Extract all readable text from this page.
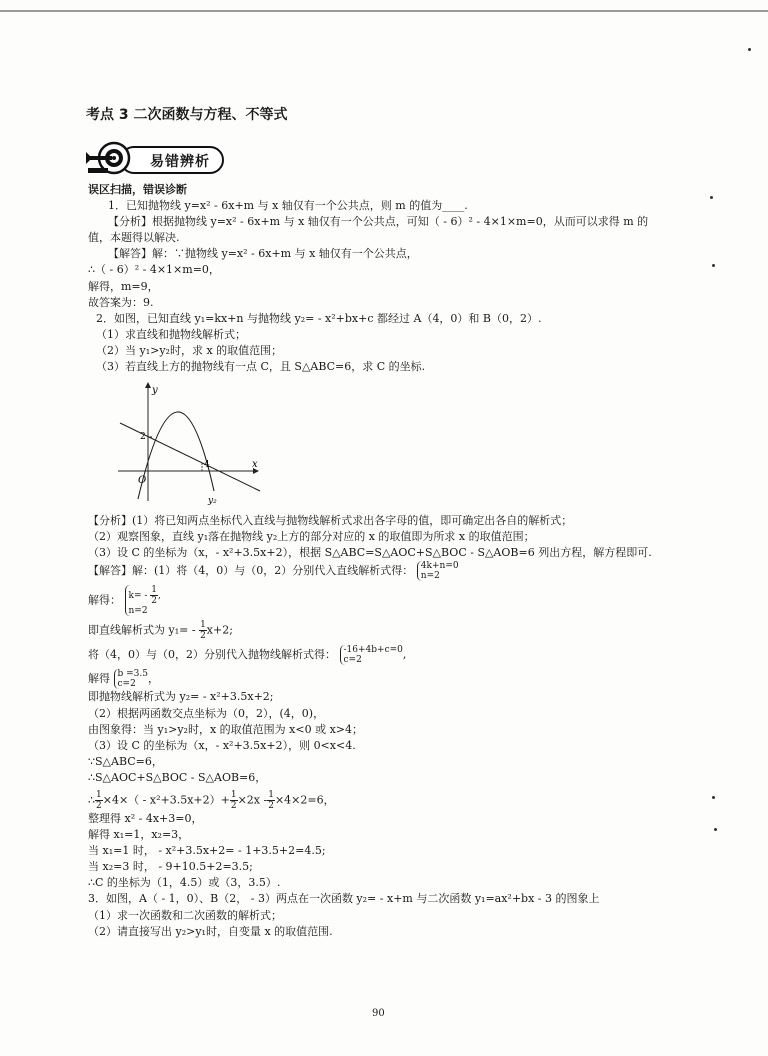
考点 3 二次函数与方程、不等式
易错辨析
误区扫描，错误诊断
1．已知抛物线 y=x² - 6x+m 与 x 轴仅有一个公共点，则 m 的值为____.
【分析】根据抛物线 y=x² - 6x+m 与 x 轴仅有一个公共点，可知（ - 6）² - 4×1×m=0，从而可以求得 m 的
值，本题得以解决.
【解答】解：∵抛物线 y=x² - 6x+m 与 x 轴仅有一个公共点，
∴（ - 6）² - 4×1×m=0，
解得，m=9，
故答案为：9.
2．如图，已知直线 y₁=kx+n 与抛物线 y₂= - x²+bx+c 都经过 A（4，0）和 B（0，2）.
（1）求直线和抛物线解析式；
（2）当 y₁>y₂时，求 x 的取值范围；
（3）若直线上方的抛物线有一点 C，且 S△ABC=6，求 C 的坐标.
y
x
O
2
4
y₂
【分析】(1）将已知两点坐标代入直线与抛物线解析式求出各字母的值，即可确定出各自的解析式；
（2）观察图象，直线 y₁落在抛物线 y₂上方的部分对应的 x 的取值即为所求 x 的取值范围；
（3）设 C 的坐标为（x，- x²+3.5x+2），根据 S△ABC=S△AOC+S△BOC - S△AOB=6 列出方程，解方程即可.
【解答】解：(1）将（4，0）与（0，2）分别代入直线解析式得： 4k+n=0
n=2
解得： $k= - \frac{1}{2}$ ,
n=2
即直线解析式为 $y_1= - \frac{1}{2} x+2$;
将（4，0）与（0，2）分别代入抛物线解析式得： -16+4b+c=0
c=2	,
解得 b =3.5
c=2	，
即抛物线解析式为 y₂= - x²+3.5x+2;
（2）根据两函数交点坐标为（0，2），(4，0)，
由图象得：当 y₁>y₂时，x 的取值范围为 x<0 或 x>4；
（3）设 C 的坐标为（x，- x²+3.5x+2），则 0<x<4.
∵S△ABC=6，
∴S△AOC+S△BOC - S△AOB=6，
∴ $\frac{1}{2} \times 4\times( - x^2+3.5x+2)+ \frac{1}{2} \times 2x - \frac{1}{2} \times 4\times 2=6$，
整理得 x² - 4x+3=0，
解得 x₁=1，x₂=3，
当 x₁=1 时， - x²+3.5x+2= - 1+3.5+2=4.5;
当 x₂=3 时， - 9+10.5+2=3.5;
∴C 的坐标为（1，4.5）或（3，3.5）.
3．如图，A（ - 1，0）、B（2， - 3）两点在一次函数 y₂= - x+m 与二次函数 y₁=ax²+bx - 3 的图象上
（1）求一次函数和二次函数的解析式；
（2）请直接写出 y₂>y₁时，自变量 x 的取值范围.
90
